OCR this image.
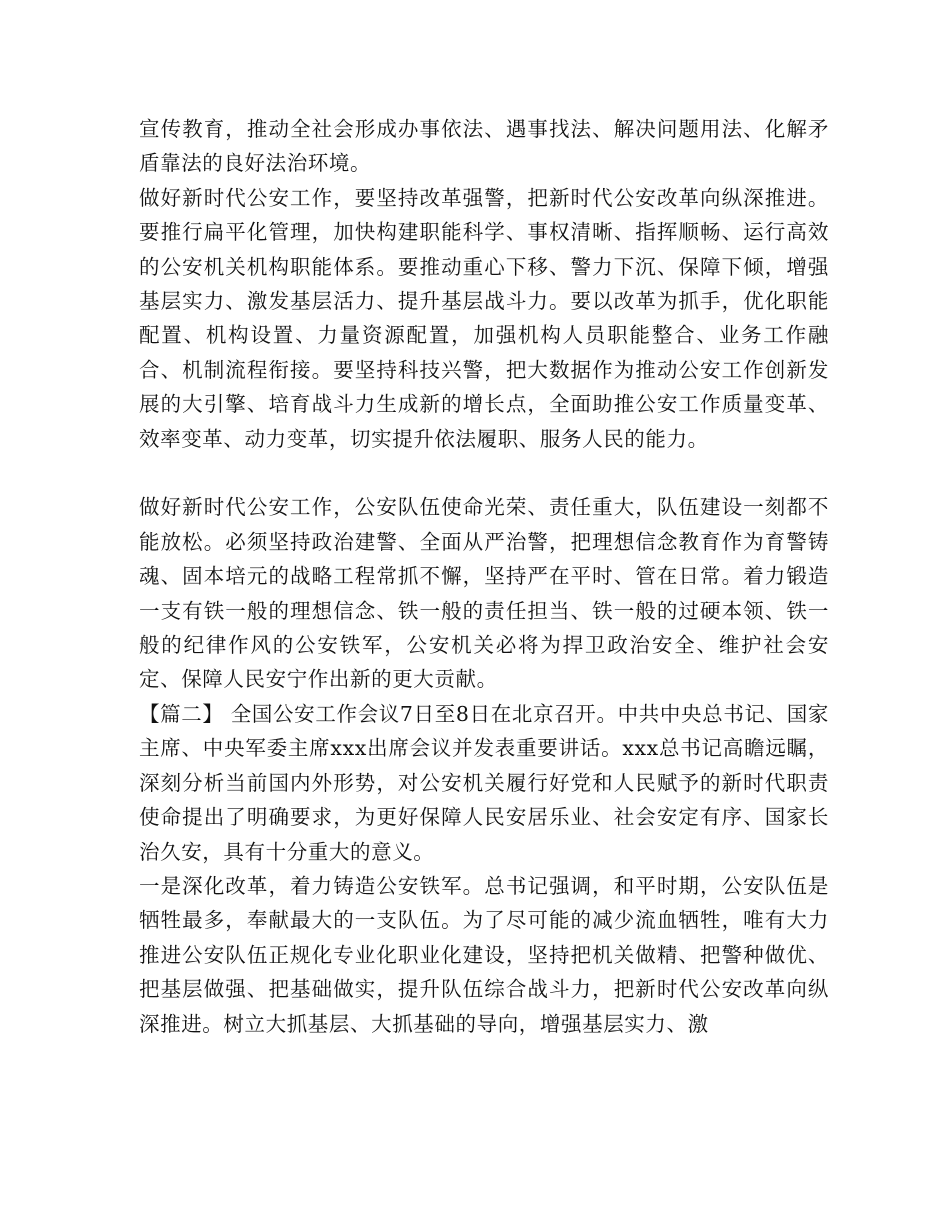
宣传教育，推动全社会形成办事依法、遇事找法、解决问题用法、化解矛盾靠法的良好法治环境。

做好新时代公安工作，要坚持改革强警，把新时代公安改革向纵深推进。要推行扁平化管理，加快构建职能科学、事权清晰、指挥顺畅、运行高效的公安机关机构职能体系。要推动重心下移、警力下沉、保障下倾，增强基层实力、激发基层活力、提升基层战斗力。要以改革为抓手，优化职能配置、机构设置、力量资源配置，加强机构人员职能整合、业务工作融合、机制流程衔接。要坚持科技兴警，把大数据作为推动公安工作创新发展的大引擎、培育战斗力生成新的增长点，全面助推公安工作质量变革、效率变革、动力变革，切实提升依法履职、服务人民的能力。

做好新时代公安工作，公安队伍使命光荣、责任重大，队伍建设一刻都不能放松。必须坚持政治建警、全面从严治警，把理想信念教育作为育警铸魂、固本培元的战略工程常抓不懈，坚持严在平时、管在日常。着力锻造一支有铁一般的理想信念、铁一般的责任担当、铁一般的过硬本领、铁一般的纪律作风的公安铁军，公安机关必将为捍卫政治安全、维护社会安定、保障人民安宁作出新的更大贡献。

【篇二】 全国公安工作会议7日至8日在北京召开。中共中央总书记、国家主席、中央军委主席xxx出席会议并发表重要讲话。xxx总书记高瞻远瞩，深刻分析当前国内外形势，对公安机关履行好党和人民赋予的新时代职责使命提出了明确要求，为更好保障人民安居乐业、社会安定有序、国家长治久安，具有十分重大的意义。

一是深化改革，着力铸造公安铁军。总书记强调，和平时期，公安队伍是牺牲最多，奉献最大的一支队伍。为了尽可能的减少流血牺牲，唯有大力推进公安队伍正规化专业化职业化建设，坚持把机关做精、把警种做优、把基层做强、把基础做实，提升队伍综合战斗力，把新时代公安改革向纵深推进。树立大抓基层、大抓基础的导向，增强基层实力、激
